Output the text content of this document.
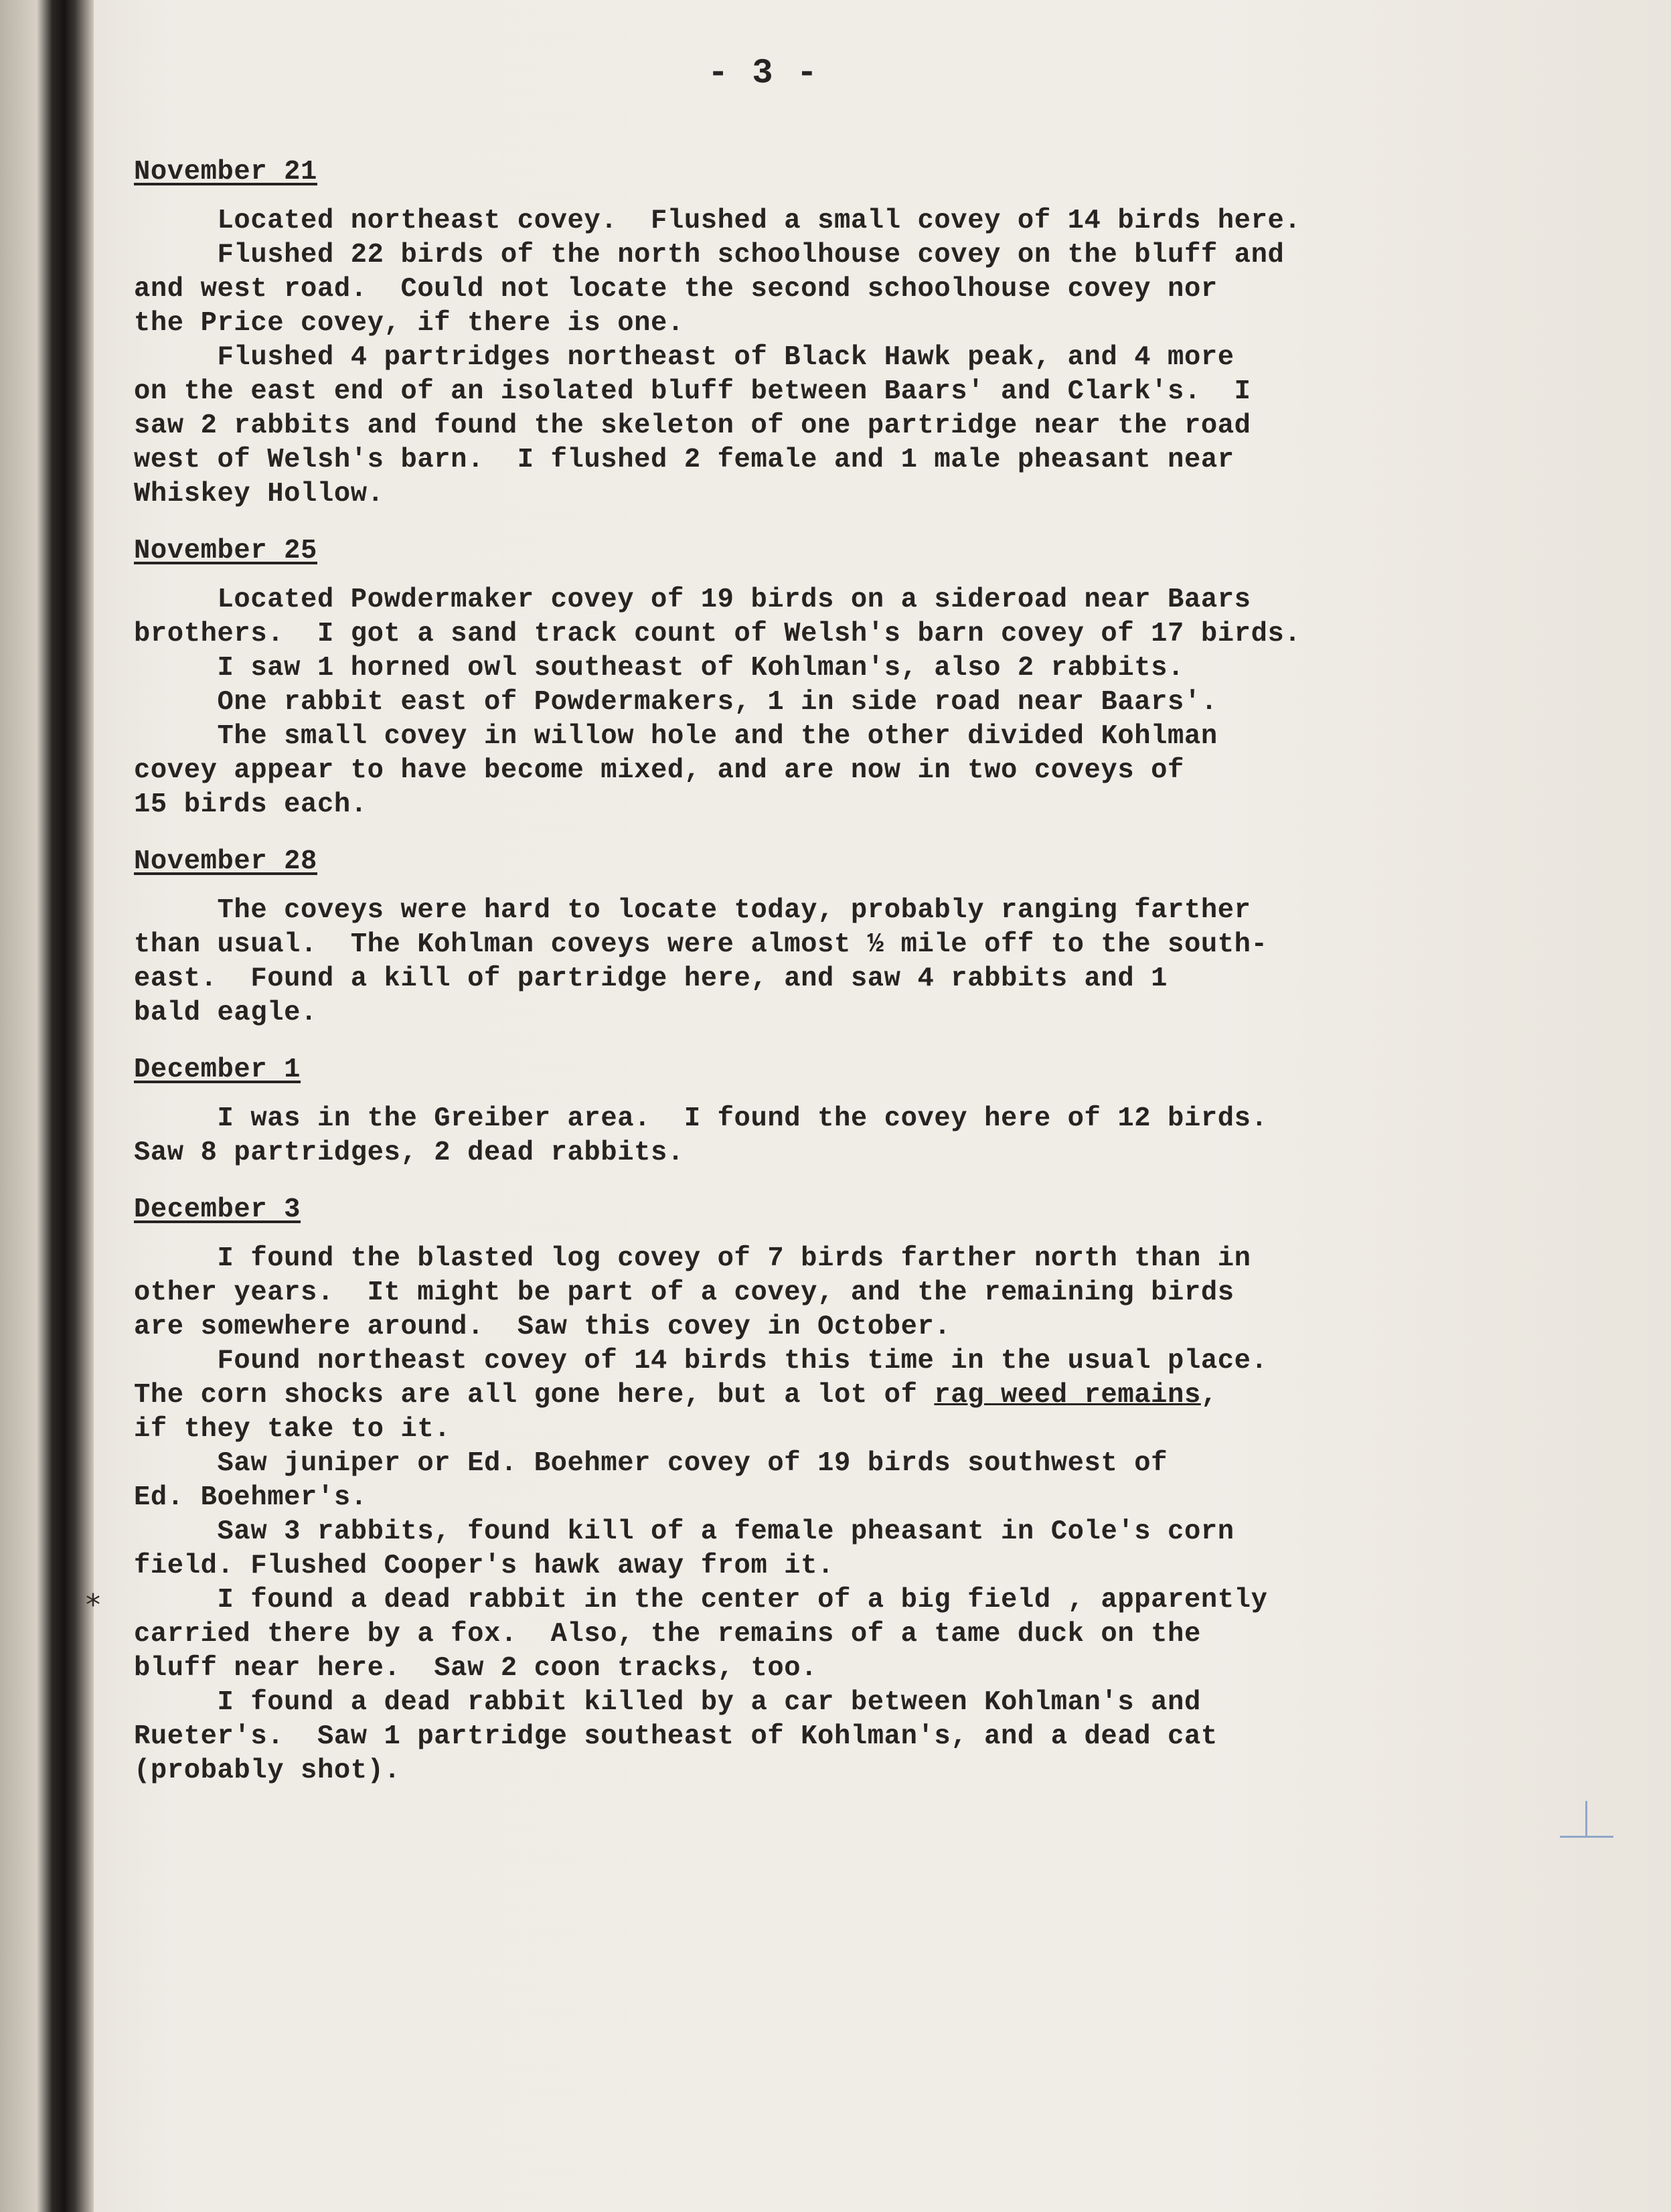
- 3 -
*
November 21

Located northeast covey.  Flushed a small covey of 14 birds here.
Flushed 22 birds of the north schoolhouse covey on the bluff and
and west road.  Could not locate the second schoolhouse covey nor
the Price covey, if there is one.

Flushed 4 partridges northeast of Black Hawk peak, and 4 more
on the east end of an isolated bluff between Baars' and Clark's.  I
saw 2 rabbits and found the skeleton of one partridge near the road
west of Welsh's barn.  I flushed 2 female and 1 male pheasant near
Whiskey Hollow.

November 25

Located Powdermaker covey of 19 birds on a sideroad near Baars
brothers.  I got a sand track count of Welsh's barn covey of 17 birds.
I saw 1 horned owl southeast of Kohlman's, also 2 rabbits.
One rabbit east of Powdermakers, 1 in side road near Baars'.
The small covey in willow hole and the other divided Kohlman
covey appear to have become mixed, and are now in two coveys of
15 birds each.

November 28

The coveys were hard to locate today, probably ranging farther
than usual.  The Kohlman coveys were almost ½ mile off to the south-
east.  Found a kill of partridge here, and saw 4 rabbits and 1
bald eagle.

December 1

I was in the Greiber area.  I found the covey here of 12 birds.
Saw 8 partridges, 2 dead rabbits.

December 3

I found the blasted log covey of 7 birds farther north than in
other years.  It might be part of a covey, and the remaining birds
are somewhere around.  Saw this covey in October.

Found northeast covey of 14 birds this time in the usual place.
The corn shocks are all gone here, but a lot of rag weed remains,
if they take to it.

Saw juniper or Ed. Boehmer covey of 19 birds southwest of
Ed. Boehmer's.

Saw 3 rabbits, found kill of a female pheasant in Cole's corn
field. Flushed Cooper's hawk away from it.

I found a dead rabbit in the center of a big field , apparently
carried there by a fox.  Also, the remains of a tame duck on the
bluff near here.  Saw 2 coon tracks, too.

I found a dead rabbit killed by a car between Kohlman's and
Rueter's.  Saw 1 partridge southeast of Kohlman's, and a dead cat
(probably shot).
